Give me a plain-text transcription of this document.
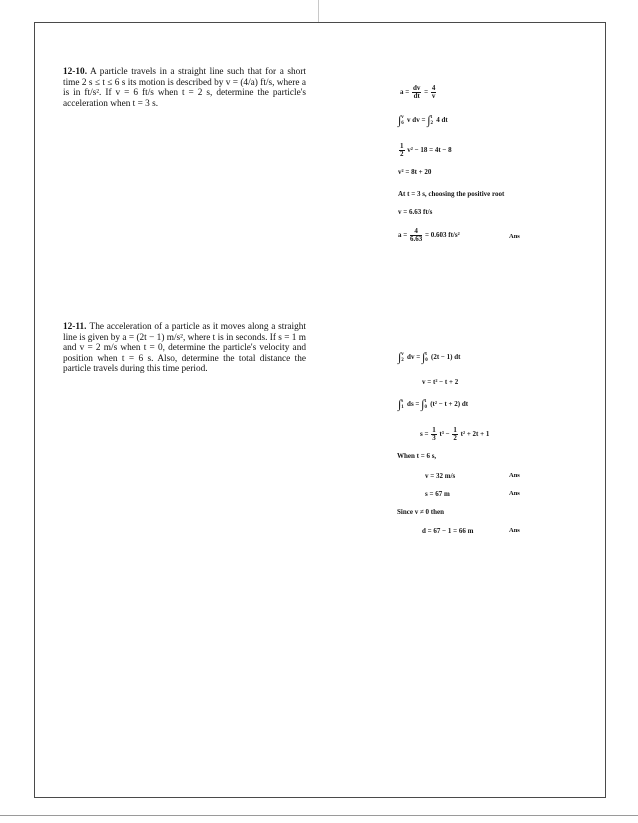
12-10. A particle travels in a straight line such that for a short time 2 s ≤ t ≤ 6 s its motion is described by v = (4/a) ft/s, where a is in ft/s². If v = 6 ft/s when t = 2 s, determine the particle's acceleration when t = 3 s.
12-11. The acceleration of a particle as it moves along a straight line is given by a = (2t − 1) m/s², where t is in seconds. If s = 1 m and v = 2 m/s when t = 0, determine the particle's velocity and position when t = 6 s. Also, determine the total distance the particle travels during this time period.
$a = \frac{dv}{dt} = \frac{4}{v}$
∫ v
6 v dv = ∫ t
2 4 dt
$\frac{1}{2} v^2 - 18 = 4t - 8$
v² = 8t + 20
At t = 3 s, choosing the positive root
v = 6.63 ft/s
$a = \frac{4}{6.63} = 0.603$ ft/s²	Ans
∫ v
2 dv = ∫ t
0 (2t − 1) dt
v = t² − t + 2
∫ s
1 ds = ∫ t
0 (t² − t + 2) dt
$s = \frac{1}{3} t^3 - \frac{1}{2} t^2 + 2t + 1$
When t = 6 s,
v = 32 m/s	Ans
s = 67 m	Ans
Since v ≠ 0 then
d = 67 − 1 = 66 m	Ans
